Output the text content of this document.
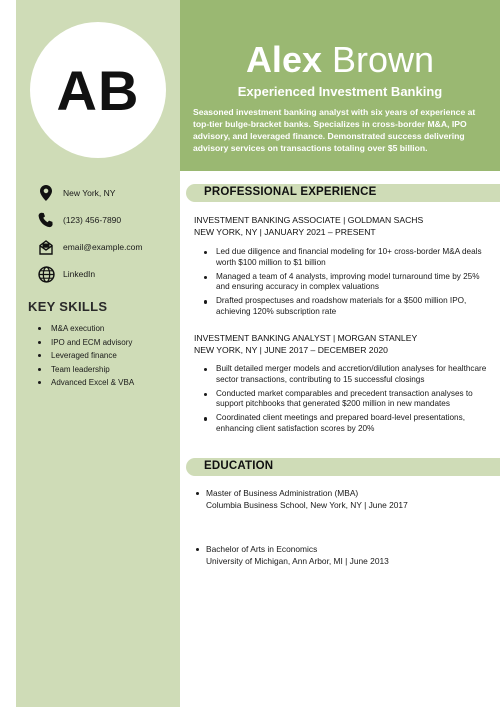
AB	Alex Brown
Experienced Investment Banking
Seasoned investment banking analyst with six years of experience at top-tier bulge-bracket banks. Specializes in cross-border M&A, IPO advisory, and leveraged finance. Demonstrated success delivering advisory services on transactions totaling over $5 billion.
New York, NY
(123) 456-7890
email@example.com
LinkedIn
KEY SKILLS
M&A execution
IPO and ECM advisory
Leveraged finance
Team leadership
Advanced Excel & VBA
PROFESSIONAL EXPERIENCE
INVESTMENT BANKING ASSOCIATE | GOLDMAN SACHS
NEW YORK, NY | JANUARY 2021 – PRESENT
Led due diligence and financial modeling for 10+ cross-border M&A deals worth $100 million to $1 billion
Managed a team of 4 analysts, improving model turnaround time by 25% and ensuring accuracy in complex valuations
Drafted prospectuses and roadshow materials for a $500 million IPO, achieving 120% subscription rate
INVESTMENT BANKING ANALYST | MORGAN STANLEY
NEW YORK, NY | JUNE 2017 – DECEMBER 2020
Built detailed merger models and accretion/dilution analyses for healthcare sector transactions, contributing to 15 successful closings
Conducted market comparables and precedent transaction analyses to support pitchbooks that generated $200 million in new mandates
Coordinated client meetings and prepared board-level presentations, enhancing client satisfaction scores by 20%
EDUCATION
Master of Business Administration (MBA)
Columbia Business School, New York, NY | June 2017
Bachelor of Arts in Economics
University of Michigan, Ann Arbor, MI | June 2013
